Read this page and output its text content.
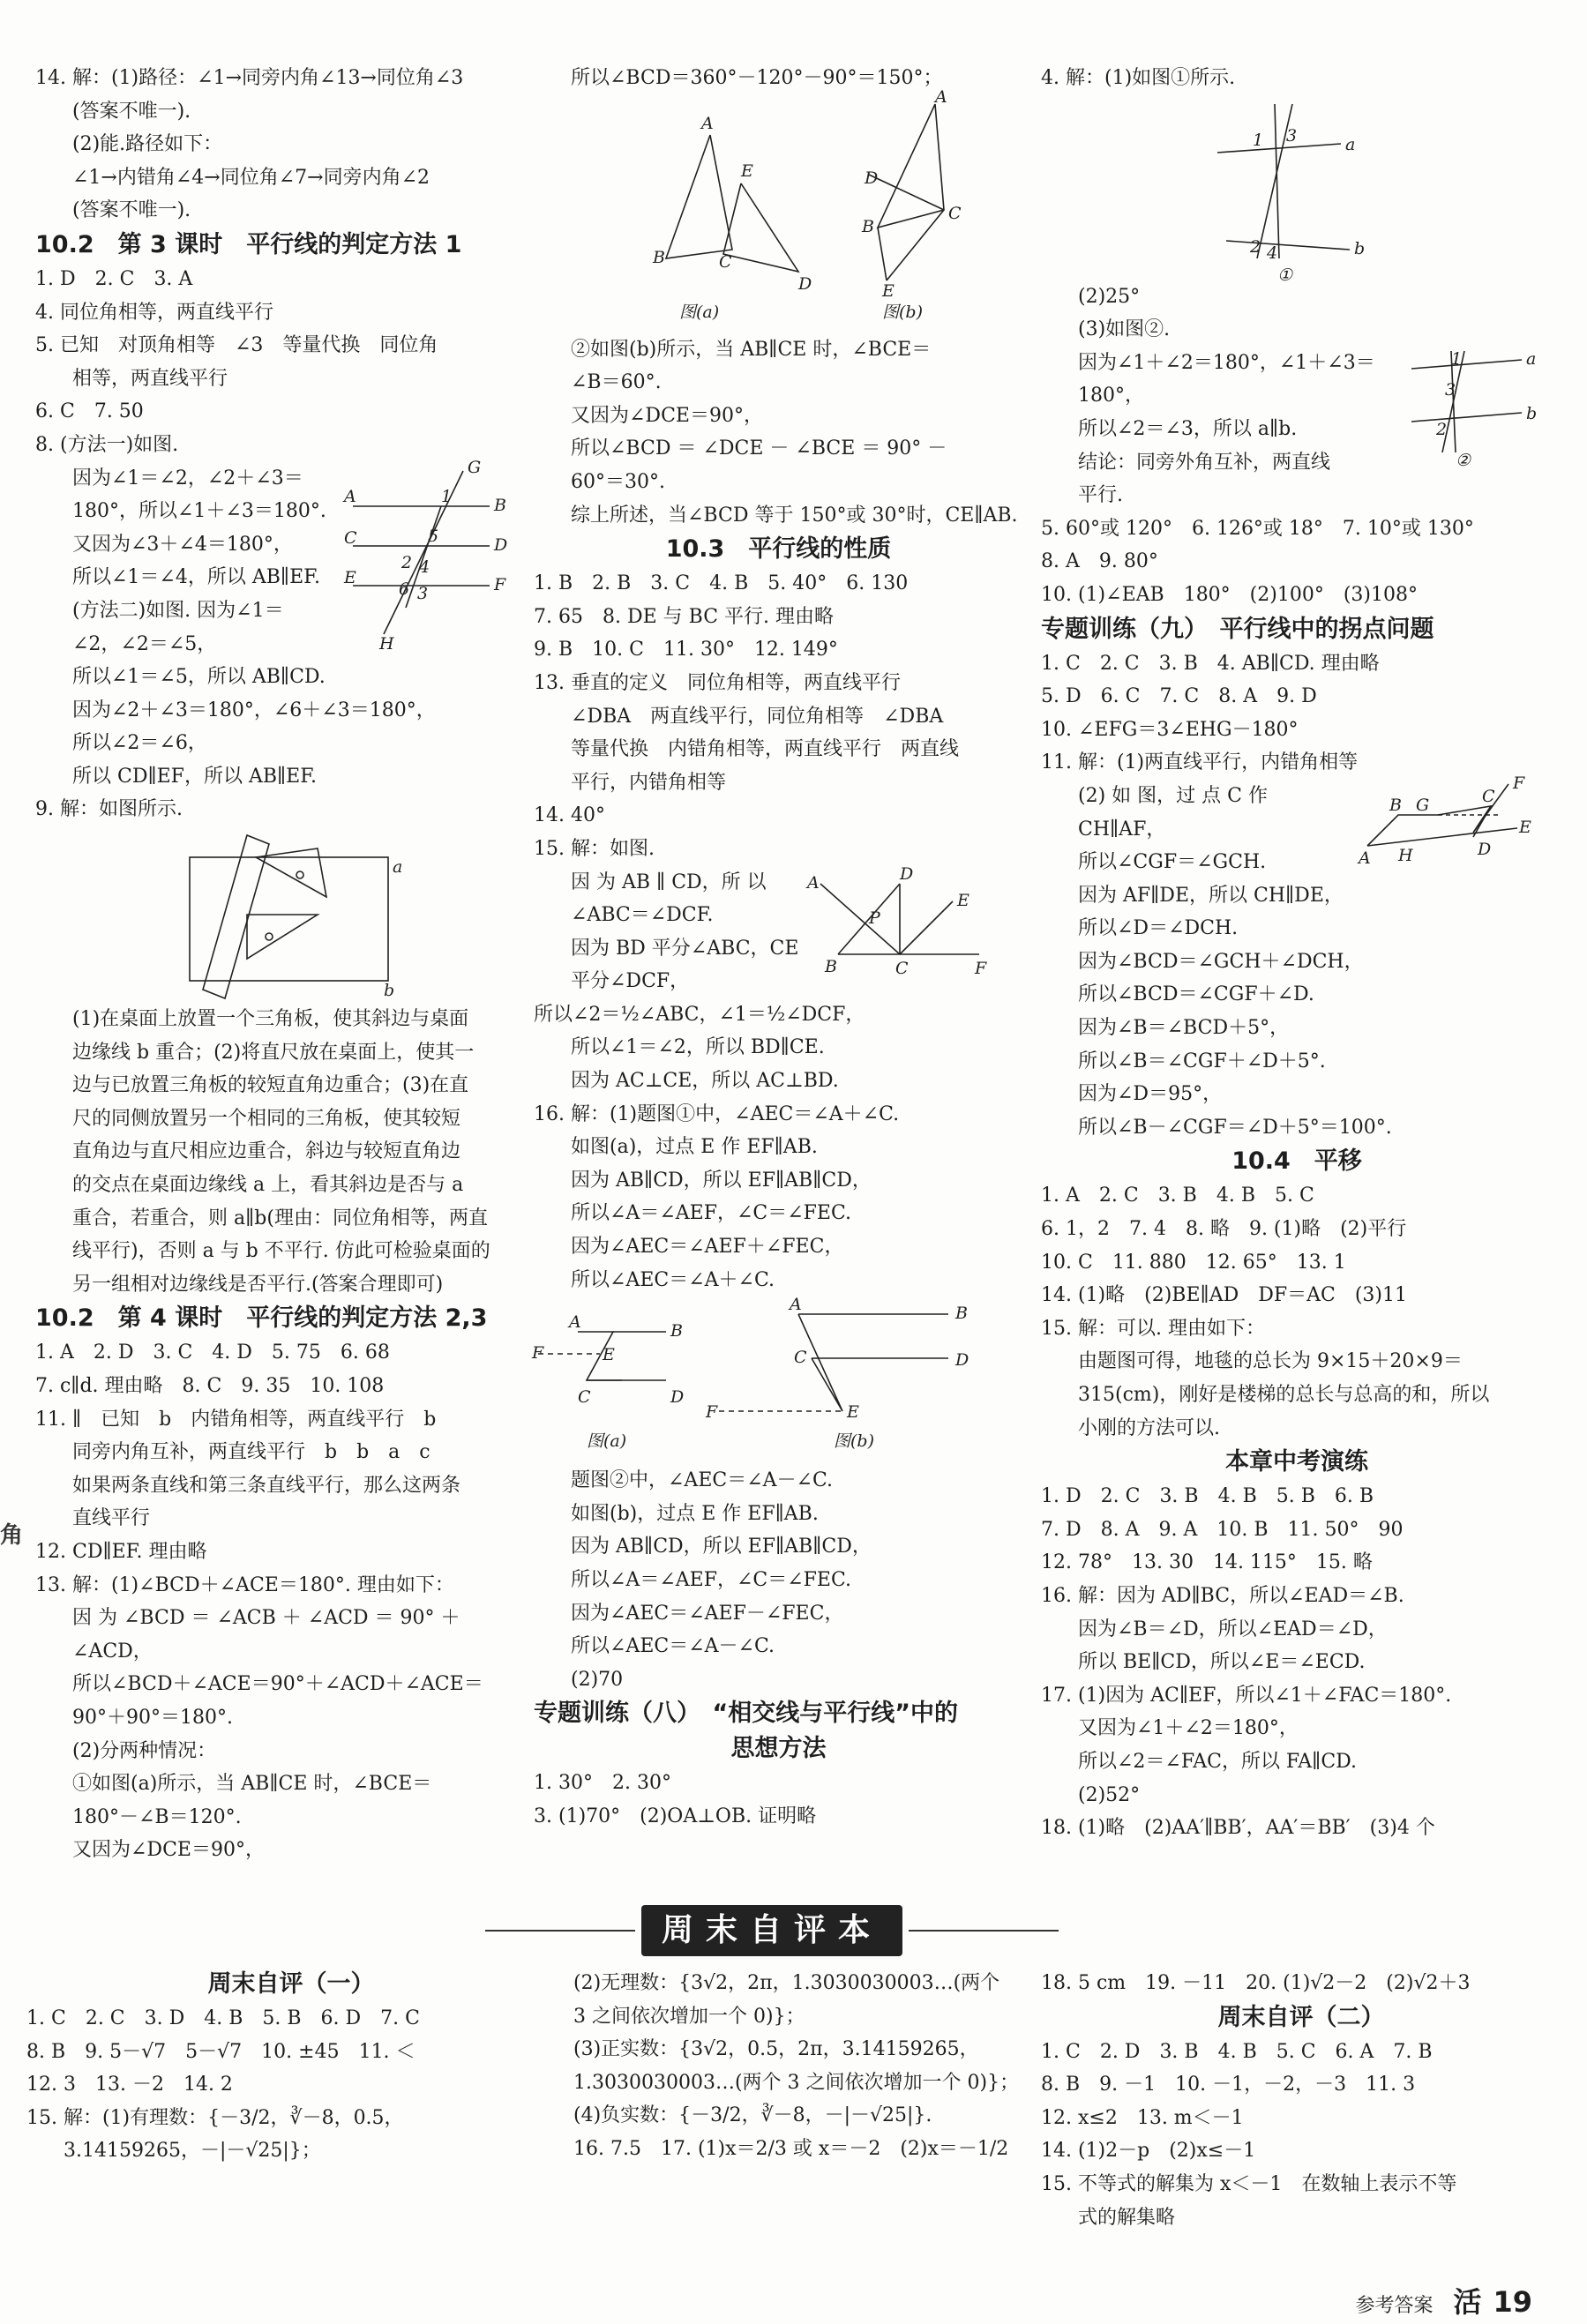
14. 解：(1)路径：∠1→同旁内角∠13→同位角∠3
(答案不唯一).
(2)能.路径如下：
∠1→内错角∠4→同位角∠7→同旁内角∠2
(答案不唯一).
10.2　第 3 课时　平行线的判定方法 1
1. D　2. C　3. A
4. 同位角相等，两直线平行
5. 已知　对顶角相等　∠3　等量代换　同位角
相等，两直线平行
6. C　7. 50
8. (方法一)如图.
因为∠1＝∠2，∠2＋∠3＝
A	B
C	D
E	F
G
H
1
5
2 4
6 3
180°，所以∠1＋∠3＝180°.
又因为∠3＋∠4＝180°，
所以∠1＝∠4，所以 AB∥EF.
(方法二)如图. 因为∠1＝
∠2，∠2＝∠5，
所以∠1＝∠5，所以 AB∥CD.
因为∠2＋∠3＝180°，∠6＋∠3＝180°，
所以∠2＝∠6，
所以 CD∥EF，所以 AB∥EF.
9. 解：如图所示.
a
b
(1)在桌面上放置一个三角板，使其斜边与桌面
边缘线 b 重合；(2)将直尺放在桌面上，使其一
边与已放置三角板的较短直角边重合；(3)在直
尺的同侧放置另一个相同的三角板，使其较短
直角边与直尺相应边重合，斜边与较短直角边
的交点在桌面边缘线 a 上，看其斜边是否与 a
重合，若重合，则 a∥b(理由：同位角相等，两直
线平行)，否则 a 与 b 不平行. 仿此可检验桌面的
另一组相对边缘线是否平行.(答案合理即可)
10.2　第 4 课时　平行线的判定方法 2,3
1. A　2. D　3. C　4. D　5. 75　6. 68
7. c∥d. 理由略　8. C　9. 35　10. 108
11. ∥　已知　b　内错角相等，两直线平行　b
同旁内角互补，两直线平行　b　b　a　c
如果两条直线和第三条直线平行，那么这两条
直线平行
12. CD∥EF. 理由略
13. 解：(1)∠BCD＋∠ACE＝180°. 理由如下：
因 为 ∠BCD ＝ ∠ACB ＋ ∠ACD ＝ 90° ＋
∠ACD，
所以∠BCD＋∠ACE＝90°＋∠ACD＋∠ACE＝
90°＋90°＝180°.
(2)分两种情况：
①如图(a)所示，当 AB∥CE 时，∠BCE＝
180°－∠B＝120°.
又因为∠DCE＝90°，
所以∠BCD＝360°－120°－90°＝150°；
A
B	C
E
D
图(a)
A
D
B
C
E
图(b)
②如图(b)所示，当 AB∥CE 时，∠BCE＝
∠B＝60°.
又因为∠DCE＝90°，
所以∠BCD ＝ ∠DCE － ∠BCE ＝ 90° －
60°＝30°.
综上所述，当∠BCD 等于 150°或 30°时，CE∥AB.
10.3　平行线的性质
1. B　2. B　3. C　4. B　5. 40°　6. 130
7. 65　8. DE 与 BC 平行. 理由略
9. B　10. C　11. 30°　12. 149°
13. 垂直的定义　同位角相等，两直线平行
∠DBA　两直线平行，同位角相等　∠DBA
等量代换　内错角相等，两直线平行　两直线
平行，内错角相等
14. 40°
15. 解：如图.
因 为 AB ∥ CD，所 以 A	D
P
B	C
E
F
∠ABC＝∠DCF.
因为 BD 平分∠ABC，CE
平分∠DCF，
所以∠2＝½∠ABC，∠1＝½∠DCF，
所以∠1＝∠2，所以 BD∥CE.
因为 AC⊥CE，所以 AC⊥BD.
16. 解：(1)题图①中，∠AEC＝∠A＋∠C.
如图(a)，过点 E 作 EF∥AB.
因为 AB∥CD，所以 EF∥AB∥CD，
所以∠A＝∠AEF，∠C＝∠FEC.
因为∠AEC＝∠AEF＋∠FEC，
所以∠AEC＝∠A＋∠C.
A	B
F	E
C	D
图(a)
A	B
C	D
F	E
图(b)
题图②中，∠AEC＝∠A－∠C.
如图(b)，过点 E 作 EF∥AB.
因为 AB∥CD，所以 EF∥AB∥CD，
所以∠A＝∠AEF，∠C＝∠FEC.
因为∠AEC＝∠AEF－∠FEC，
所以∠AEC＝∠A－∠C.
(2)70
专题训练（八）　“相交线与平行线”中的
思想方法
1. 30°　2. 30°
3. (1)70°　(2)OA⊥OB. 证明略
4. 解：(1)如图①所示.
1 3	a
2 4	b
①
(2)25°
(3)如图②.
因为∠1＋∠2＝180°，∠1＋∠3＝	1	a
3
2
b
②
180°，
所以∠2＝∠3，所以 a∥b.
结论：同旁外角互补，两直线
平行.
5. 60°或 120°　6. 126°或 18°　7. 10°或 130°
8. A　9. 80°
10. (1)∠EAB　180°　(2)100°　(3)108°
专题训练（九）　平行线中的拐点问题
1. C　2. C　3. B　4. AB∥CD. 理由略
5. D　6. C　7. C　8. A　9. D
10. ∠EFG＝3∠EHG－180°
11. 解：(1)两直线平行，内错角相等
(2) 如 图，过 点 C 作
A
B G	C
H	D
F
E
CH∥AF，
所以∠CGF＝∠GCH.
因为 AF∥DE，所以 CH∥DE，
所以∠D＝∠DCH.
因为∠BCD＝∠GCH＋∠DCH，
所以∠BCD＝∠CGF＋∠D.
因为∠B＝∠BCD＋5°，
所以∠B＝∠CGF＋∠D＋5°.
因为∠D＝95°，
所以∠B－∠CGF＝∠D＋5°＝100°.
10.4　平移
1. A　2. C　3. B　4. B　5. C
6. 1，2　7. 4　8. 略　9. (1)略　(2)平行
10. C　11. 880　12. 65°　13. 1
14. (1)略　(2)BE∥AD　DF＝AC　(3)11
15. 解：可以. 理由如下：
由题图可得，地毯的总长为 9×15＋20×9＝
315(cm)，刚好是楼梯的总长与总高的和，所以
小刚的方法可以.
本章中考演练
1. D　2. C　3. B　4. B　5. B　6. B
7. D　8. A　9. A　10. B　11. 50°　90
12. 78°　13. 30　14. 115°　15. 略
16. 解：因为 AD∥BC，所以∠EAD＝∠B.
因为∠B＝∠D，所以∠EAD＝∠D，
所以 BE∥CD，所以∠E＝∠ECD.
17. (1)因为 AC∥EF，所以∠1＋∠FAC＝180°.
又因为∠1＋∠2＝180°，
所以∠2＝∠FAC，所以 FA∥CD.
(2)52°
18. (1)略　(2)AA′∥BB′，AA′＝BB′　(3)4 个
角
周末自评本
周末自评（一）
1. C　2. C　3. D　4. B　5. B　6. D　7. C
8. B　9. 5－√7　5－√7　10. ±45　11. ＜
12. 3　13. －2　14. 2
15. 解：(1)有理数：{－3/2，∛－8，0.5，
3.14159265，－|－√25|}；
(2)无理数：{3√2，2π，1.3030030003…(两个
3 之间依次增加一个 0)}；
(3)正实数：{3√2，0.5，2π，3.14159265，
1.3030030003…(两个 3 之间依次增加一个 0)}；
(4)负实数：{－3/2，∛－8，－|－√25|}.
16. 7.5　17. (1)x＝2/3 或 x＝－2　(2)x＝－1/2
18. 5 cm　19. －11　20. (1)√2－2　(2)√2＋3
周末自评（二）
1. C　2. D　3. B　4. B　5. C　6. A　7. B
8. B　9. －1　10. －1，－2，－3　11. 3
12. x≤2　13. m＜－1
14. (1)2－p　(2)x≤－1
15. 不等式的解集为 x＜－1　在数轴上表示不等
式的解集略
参考答案 活 19
